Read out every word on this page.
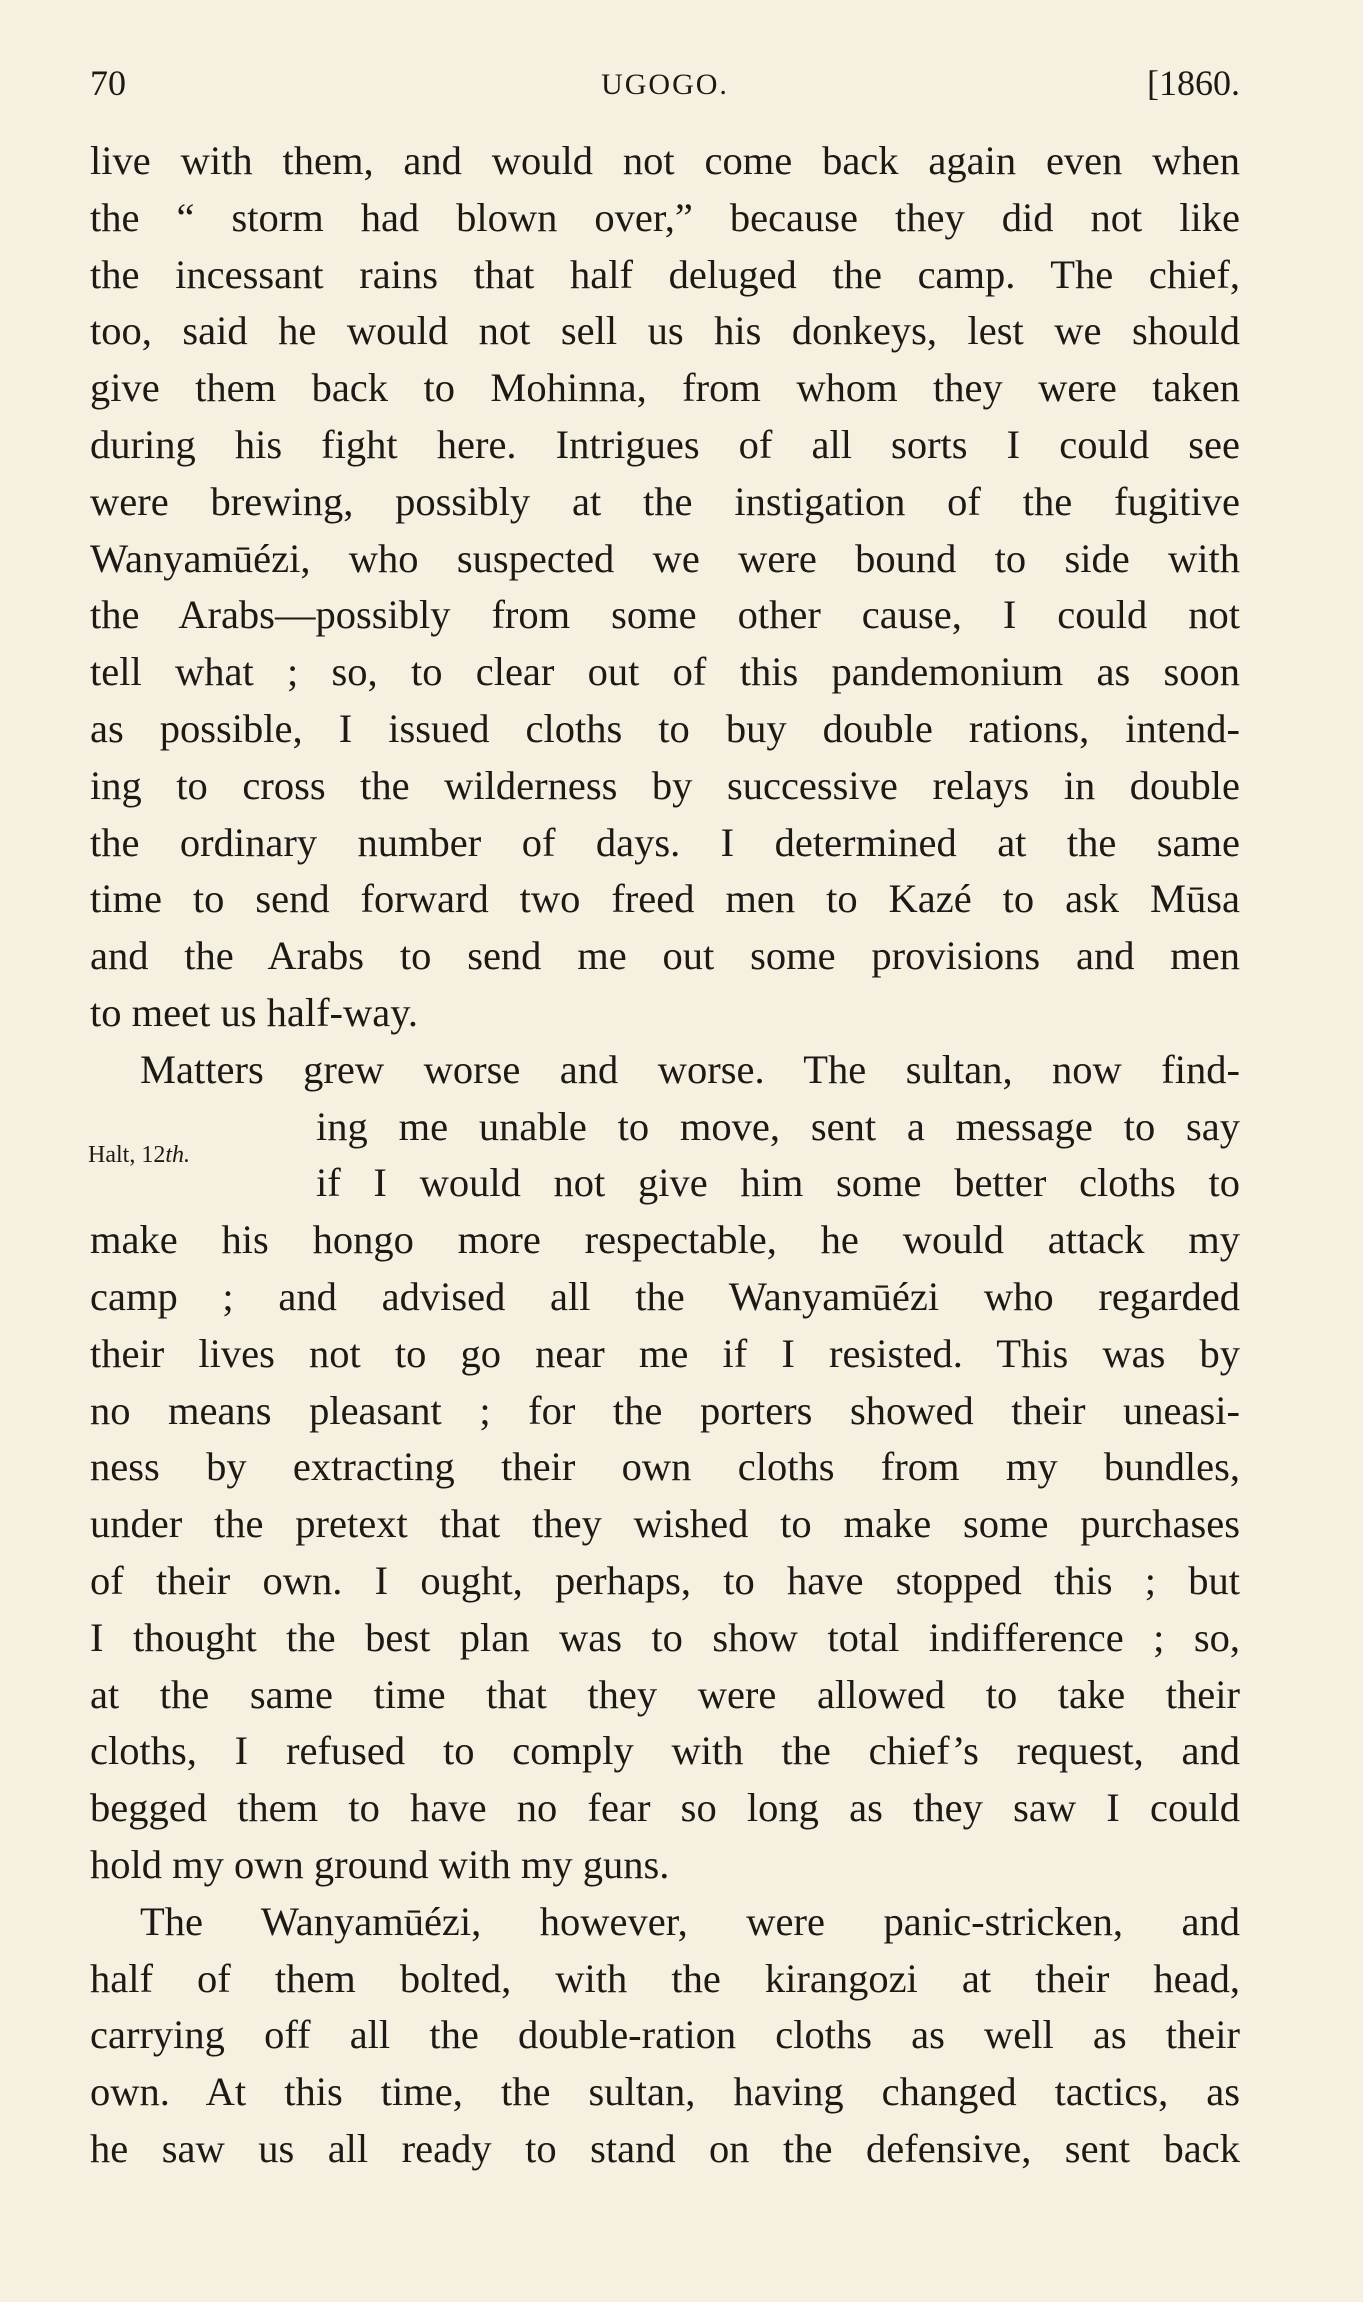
70	UGOGO.	[1860.
Halt, 12th.
live with them, and would not come back again even when
the “ storm had blown over,” because they did not like
the incessant rains that half deluged the camp. The chief,
too, said he would not sell us his donkeys, lest we should
give them back to Mohinna, from whom they were taken
during his fight here. Intrigues of all sorts I could see
were brewing, possibly at the instigation of the fugitive
Wanyamūézi, who suspected we were bound to side with
the Arabs—possibly from some other cause, I could not
tell what ; so, to clear out of this pandemonium as soon
as possible, I issued cloths to buy double rations, intend-
ing to cross the wilderness by successive relays in double
the ordinary number of days. I determined at the same
time to send forward two freed men to Kazé to ask Mūsa
and the Arabs to send me out some provisions and men
to meet us half-way.
Matters grew worse and worse. The sultan, now find-
ing me unable to move, sent a message to say
if I would not give him some better cloths to
make his hongo more respectable, he would attack my
camp ; and advised all the Wanyamūézi who regarded
their lives not to go near me if I resisted. This was by
no means pleasant ; for the porters showed their uneasi-
ness by extracting their own cloths from my bundles,
under the pretext that they wished to make some purchases
of their own. I ought, perhaps, to have stopped this ; but
I thought the best plan was to show total indifference ; so,
at the same time that they were allowed to take their
cloths, I refused to comply with the chief’s request, and
begged them to have no fear so long as they saw I could
hold my own ground with my guns.
The Wanyamūézi, however, were panic-stricken, and
half of them bolted, with the kirangozi at their head,
carrying off all the double-ration cloths as well as their
own. At this time, the sultan, having changed tactics, as
he saw us all ready to stand on the defensive, sent back
